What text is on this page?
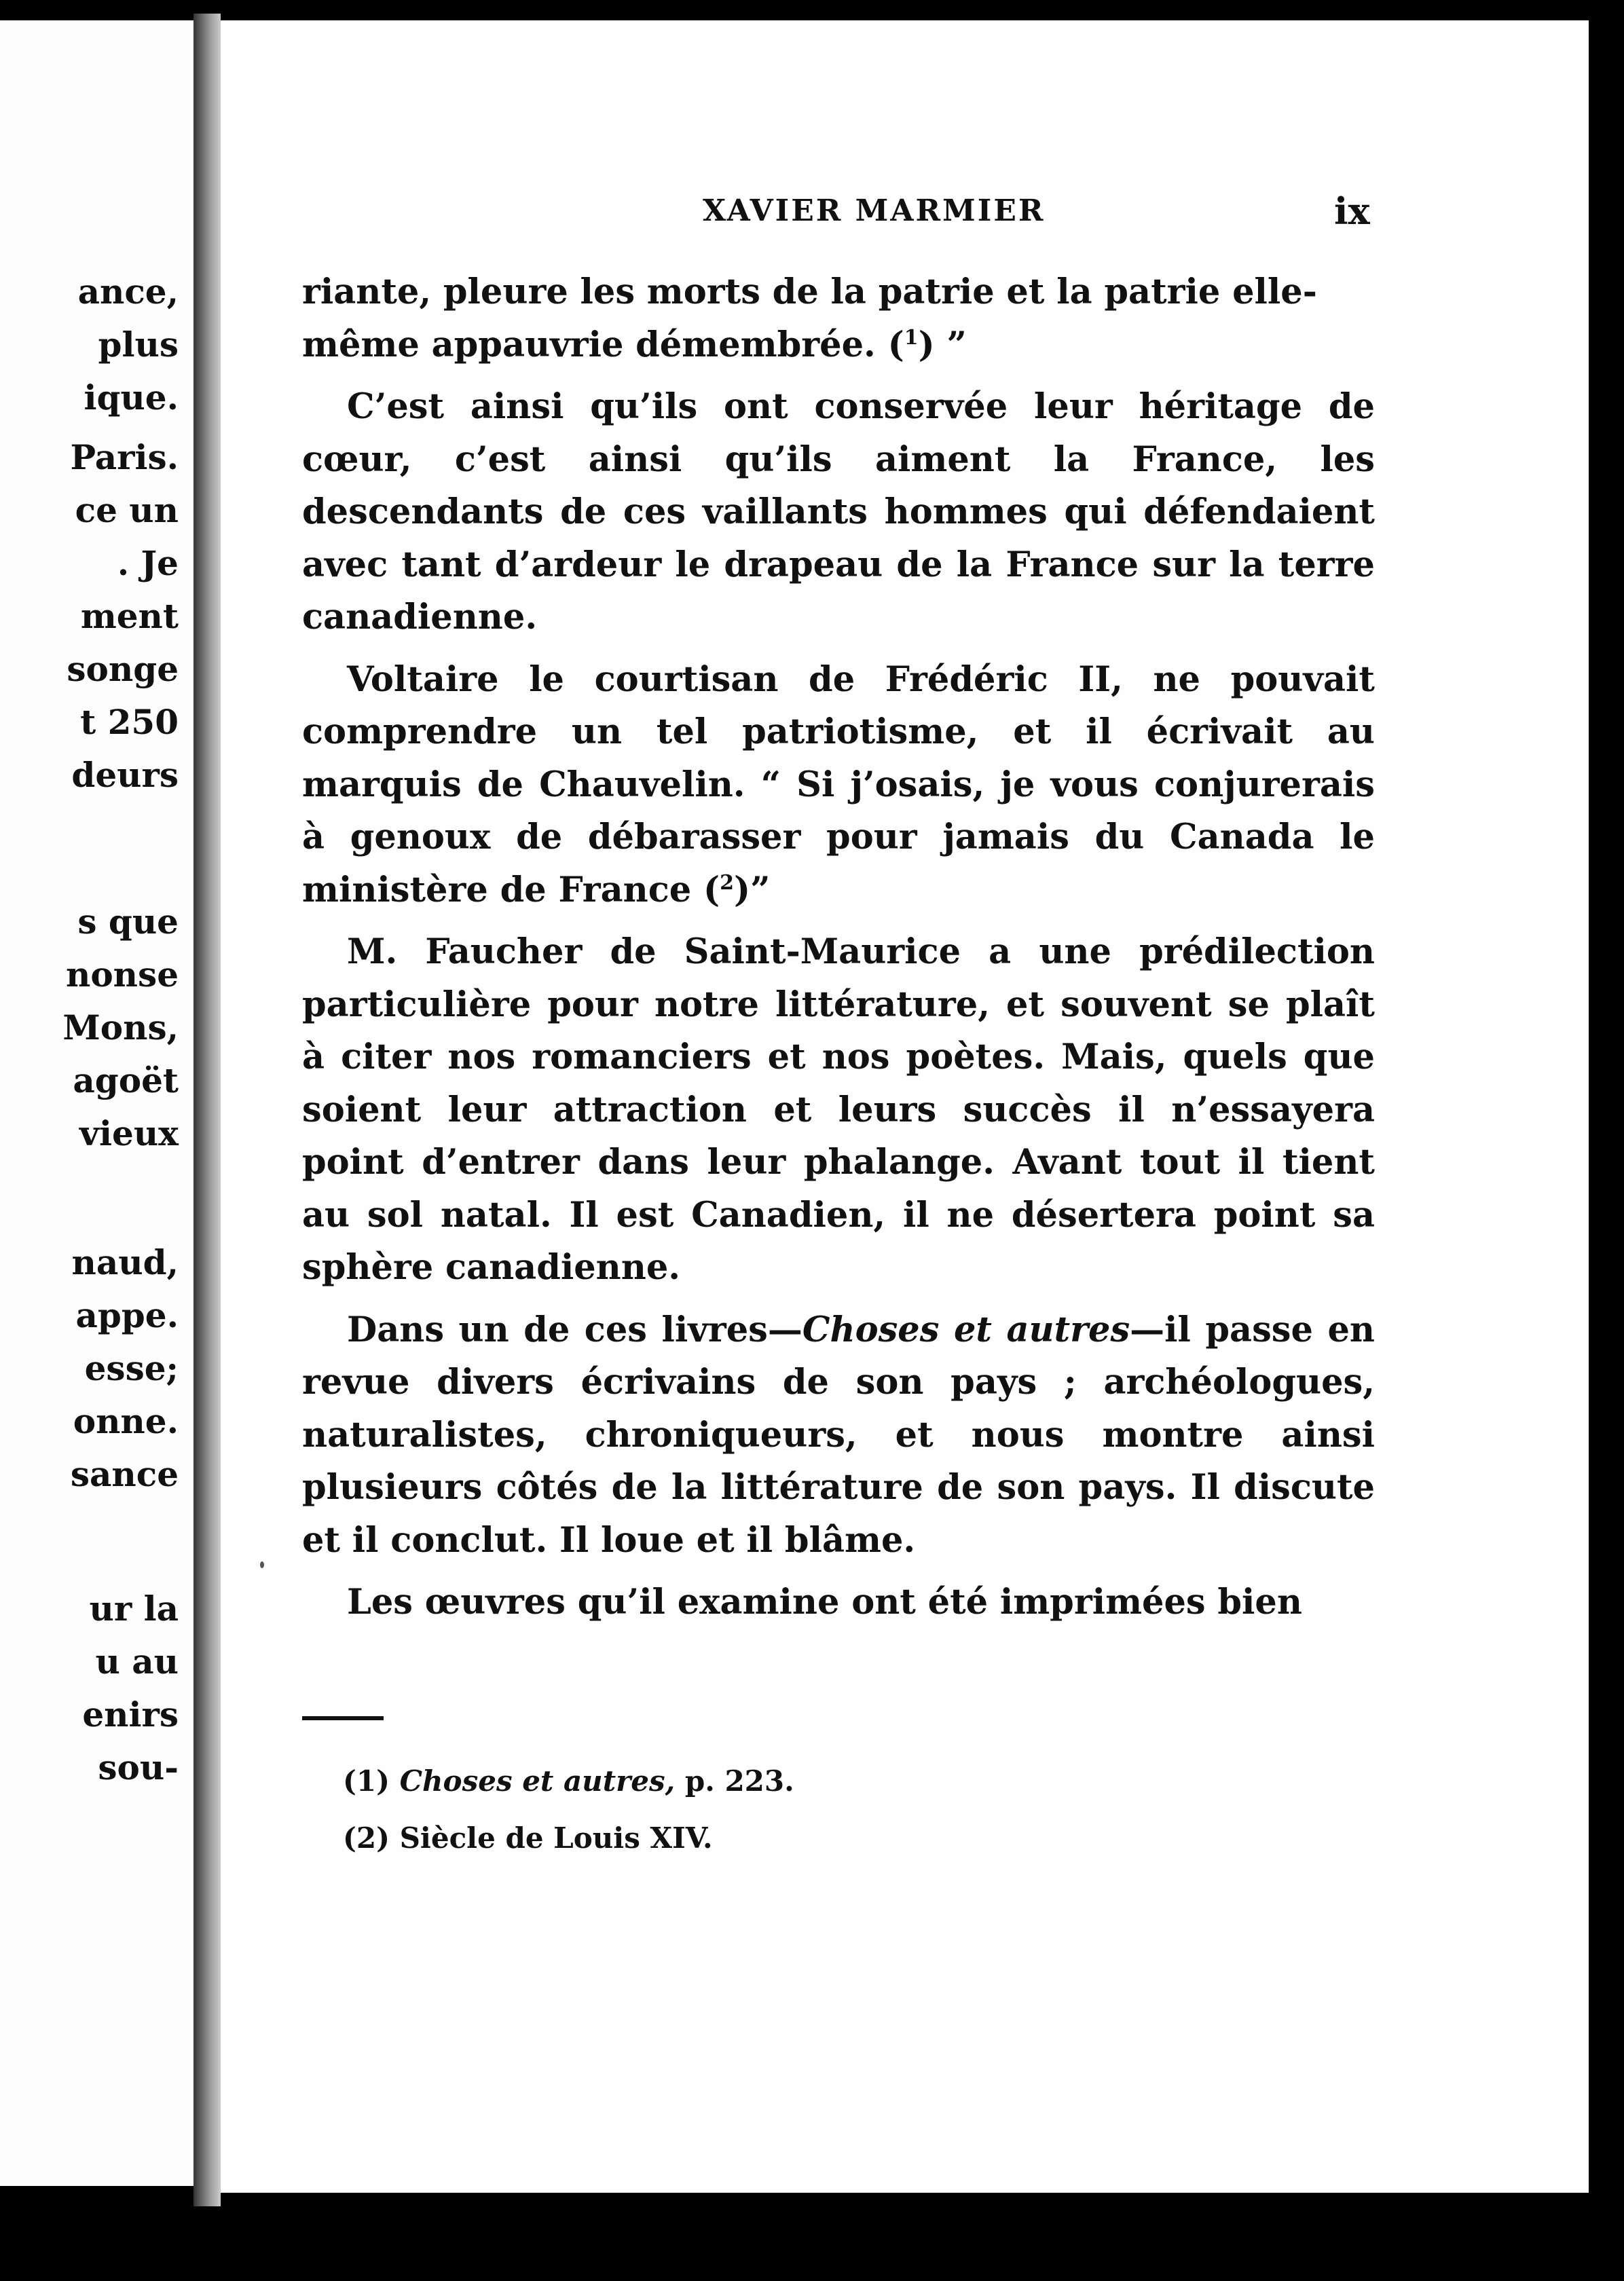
ance,
plus
ique.
Paris.
ce un
. Je
ment
songe
t 250
deurs
s que
nonse
Mons,
agoët
vieux
naud,
appe.
esse;
onne.
sance
ur la
u au
enirs
sou-
XAVIER MARMIER	ix

riante, pleure les morts de la patrie et la patrie elle-
même appauvrie démembrée. ($^1$) ”

C’est ainsi qu’ils ont conservée leur héritage de cœur, c’est ainsi qu’ils aiment la France, les descendants de ces vaillants hommes qui défendaient avec tant d’ardeur le drapeau de la France sur la terre canadienne.

Voltaire le courtisan de Frédéric II, ne pouvait comprendre un tel patriotisme, et il écrivait au marquis de Chauvelin. “ Si j’osais, je vous conjurerais à genoux de débarasser pour jamais du Canada le ministère de France ($^2$)”

M. Faucher de Saint-Maurice a une prédilection particulière pour notre littérature, et souvent se plaît à citer nos romanciers et nos poètes. Mais, quels que soient leur attraction et leurs succès il n’essayera point d’entrer dans leur phalange. Avant tout il tient au sol natal. Il est Canadien, il ne désertera point sa sphère canadienne.

Dans un de ces livres—Choses et autres—il passe en revue divers écrivains de son pays ; archéologues, naturalistes, chroniqueurs, et nous montre ainsi plusieurs côtés de la littérature de son pays. Il discute et il conclut. Il loue et il blâme.

Les œuvres qu’il examine ont été imprimées bien

(1) Choses et autres, p. 223.
(2) Siècle de Louis XIV.
